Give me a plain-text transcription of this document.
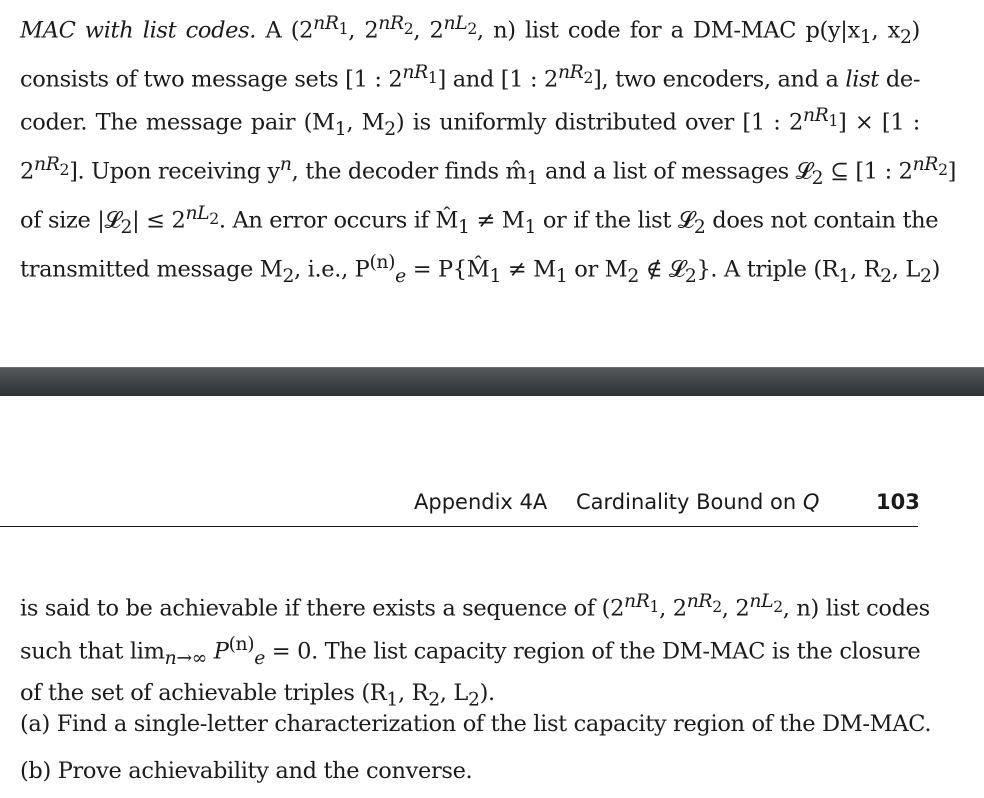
MAC with list codes. A ($2^{nR_1}$, $2^{nR_2}$, $2^{nL_2}$, n) list code for a DM-MAC $p(y|x_1$, $x_2$)
consists of two message sets [1 : $2^{nR_1}$] and [1 : $2^{nR_2}$], two encoders, and a list de-
coder. The message pair ($M_1$, $M_2$) is uniformly distributed over [1 : $2^{nR_1}] \times [1$ :
$2^{nR_2}$]. Upon receiving $y^n$, the decoder finds $m̂_1$ and a list of messages 𝓛$_2$ ⊆ [1 : $2^{nR_2}$]
of size |𝓛$_2$| ≤ $2^{nL_2}$. An error occurs if $M̂_1 \ne M_1$ or if the list 𝓛$_2$ does not contain the
transmitted message $M_2$, i.e., $P^{(n)}_e$ = $P\{M̂_1 \ne M_1$ or $M_2$ ∉ 𝓛$_2$}. A triple ($R_1$, $R_2$, $L_2$)
Appendix 4A Cardinality Bound on Q	103
is said to be achievable if there exists a sequence of ($2^{nR_1}$, $2^{nR_2}$, $2^{nL_2}$, n) list codes
such that $\lim_{n\to\infty} P^{(n)}_e = 0$. The list capacity region of the DM-MAC is the closure
of the set of achievable triples ($R_1$, $R_2$, $L_2$).

(a) Find a single-letter characterization of the list capacity region of the DM-MAC.

(b) Prove achievability and the converse.
